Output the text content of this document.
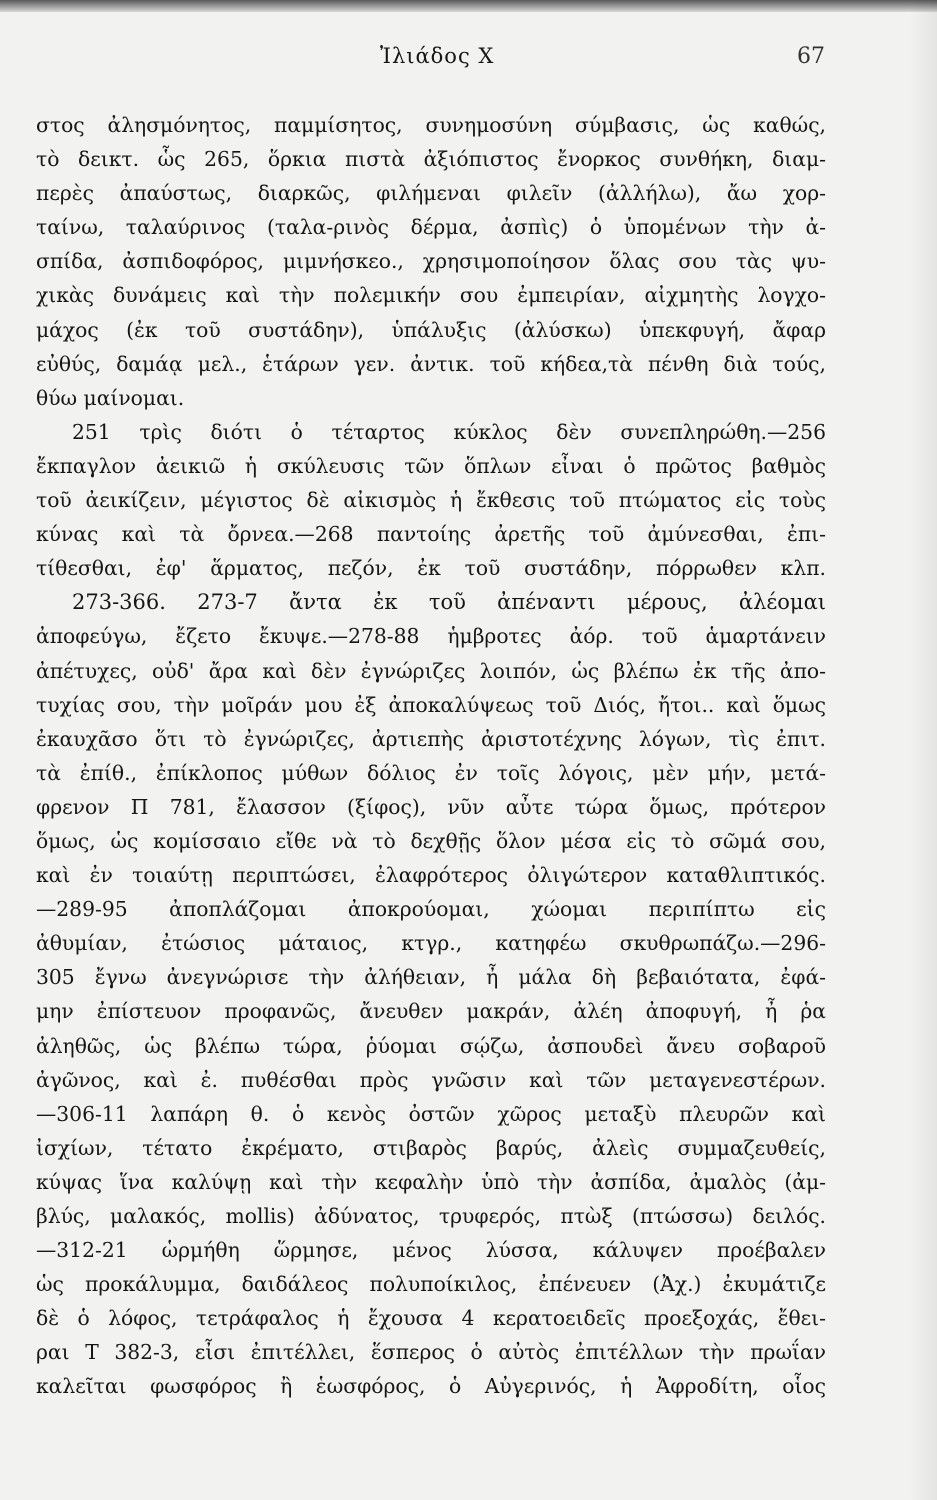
Ἰλιάδος Χ	67
στος ἀλησμόνητος, παμμίσητος, συνημοσύνη σύμβασις, ὡς καθώς,
τὸ δεικτ. ὧς 265, ὅρκια πιστὰ ἀξιόπιστος ἔνορκος συνθήκη, διαμ-
περὲς ἀπαύστως, διαρκῶς, φιλήμεναι φιλεῖν (ἀλλήλω), ἄω χορ-
ταίνω, ταλαύρινος (ταλα-ρινὸς δέρμα, ἀσπὶς) ὁ ὑπομένων τὴν ἀ-
σπίδα, ἀσπιδοφόρος, μιμνήσκεο., χρησιμοποίησον ὅλας σου τὰς ψυ-
χικὰς δυνάμεις καὶ τὴν πολεμικήν σου ἐμπειρίαν, αἰχμητὴς λογχο-
μάχος (ἐκ τοῦ συστάδην), ὑπάλυξις (ἀλύσκω) ὑπεκφυγή, ἄφαρ
εὐθύς, δαμάᾳ μελ., ἑτάρων γεν. ἀντικ. τοῦ κήδεα,τὰ πένθη διὰ τούς,
θύω μαίνομαι.
251 τρὶς διότι ὁ τέταρτος κύκλος δὲν συνεπληρώθη.—256
ἔκπαγλον ἀεικιῶ ἡ σκύλευσις τῶν ὅπλων εἶναι ὁ πρῶτος βαθμὸς
τοῦ ἀεικίζειν, μέγιστος δὲ αἰκισμὸς ἡ ἔκθεσις τοῦ πτώματος εἰς τοὺς
κύνας καὶ τὰ ὄρνεα.—268 παντοίης ἀρετῆς τοῦ ἀμύνεσθαι, ἐπι-
τίθεσθαι, ἐφ' ἅρματος, πεζόν, ἐκ τοῦ συστάδην, πόρρωθεν κλπ.
273-366. 273-7 ἄντα ἐκ τοῦ ἀπέναντι μέρους, ἀλέομαι
ἀποφεύγω, ἔζετο ἔκυψε.—278-88 ἡμβροτες ἀόρ. τοῦ ἁμαρτάνειν
ἀπέτυχες, οὐδ' ἄρα καὶ δὲν ἐγνώριζες λοιπόν, ὡς βλέπω ἐκ τῆς ἀπο-
τυχίας σου, τὴν μοῖράν μου ἐξ ἀποκαλύψεως τοῦ Διός, ἤτοι.. καὶ ὅμως
ἐκαυχᾶσο ὅτι τὸ ἐγνώριζες, ἀρτιεπὴς ἀριστοτέχνης λόγων, τὶς ἐπιτ.
τὰ ἐπίθ., ἐπίκλοπος μύθων δόλιος ἐν τοῖς λόγοις, μὲν μήν, μετά-
φρενον Π 781, ἔλασσον (ξίφος), νῦν αὖτε τώρα ὅμως, πρότερον
ὅμως, ὡς κομίσσαιο εἴθε νὰ τὸ δεχθῇς ὅλον μέσα εἰς τὸ σῶμά σου,
καὶ ἐν τοιαύτῃ περιπτώσει, ἐλαφρότερος ὀλιγώτερον καταθλιπτικός.
—289-95 ἀποπλάζομαι ἀποκρούομαι, χώομαι περιπίπτω εἰς
ἀθυμίαν, ἐτώσιος μάταιος, κτγρ., κατηφέω σκυθρωπάζω.—296-
305 ἔγνω ἀνεγνώρισε τὴν ἀλήθειαν, ἦ μάλα δὴ βεβαιότατα, ἐφά-
μην ἐπίστευον προφανῶς, ἄνευθεν μακράν, ἀλέη ἀποφυγή, ἦ ῥα
ἀληθῶς, ὡς βλέπω τώρα, ῥύομαι σῴζω, ἀσπουδεὶ ἄνευ σοβαροῦ
ἀγῶνος, καὶ ἐ. πυθέσθαι πρὸς γνῶσιν καὶ τῶν μεταγενεστέρων.
—306-11 λαπάρη θ. ὁ κενὸς ὀστῶν χῶρος μεταξὺ πλευρῶν καὶ
ἰσχίων, τέτατο ἐκρέματο, στιβαρὸς βαρύς, ἀλεὶς συμμαζευθείς,
κύψας ἵνα καλύψῃ καὶ τὴν κεφαλὴν ὑπὸ τὴν ἀσπίδα, ἀμαλὸς (ἀμ-
βλύς, μαλακός, mollis) ἀδύνατος, τρυφερός, πτὼξ (πτώσσω) δειλός.
—312-21 ὡρμήθη ὥρμησε, μένος λύσσα, κάλυψεν προέβαλεν
ὡς προκάλυμμα, δαιδάλεος πολυποίκιλος, ἐπένευεν (Ἀχ.) ἐκυμάτιζε
δὲ ὁ λόφος, τετράφαλος ἡ ἔχουσα 4 κερατοειδεῖς προεξοχάς, ἔθει-
ραι Τ 382-3, εἶσι ἐπιτέλλει, ἕσπερος ὁ αὐτὸς ἐπιτέλλων τὴν πρωΐαν
καλεῖται φωσφόρος ἢ ἑωσφόρος, ὁ Αὐγερινός, ἡ Ἀφροδίτη, οἷος
